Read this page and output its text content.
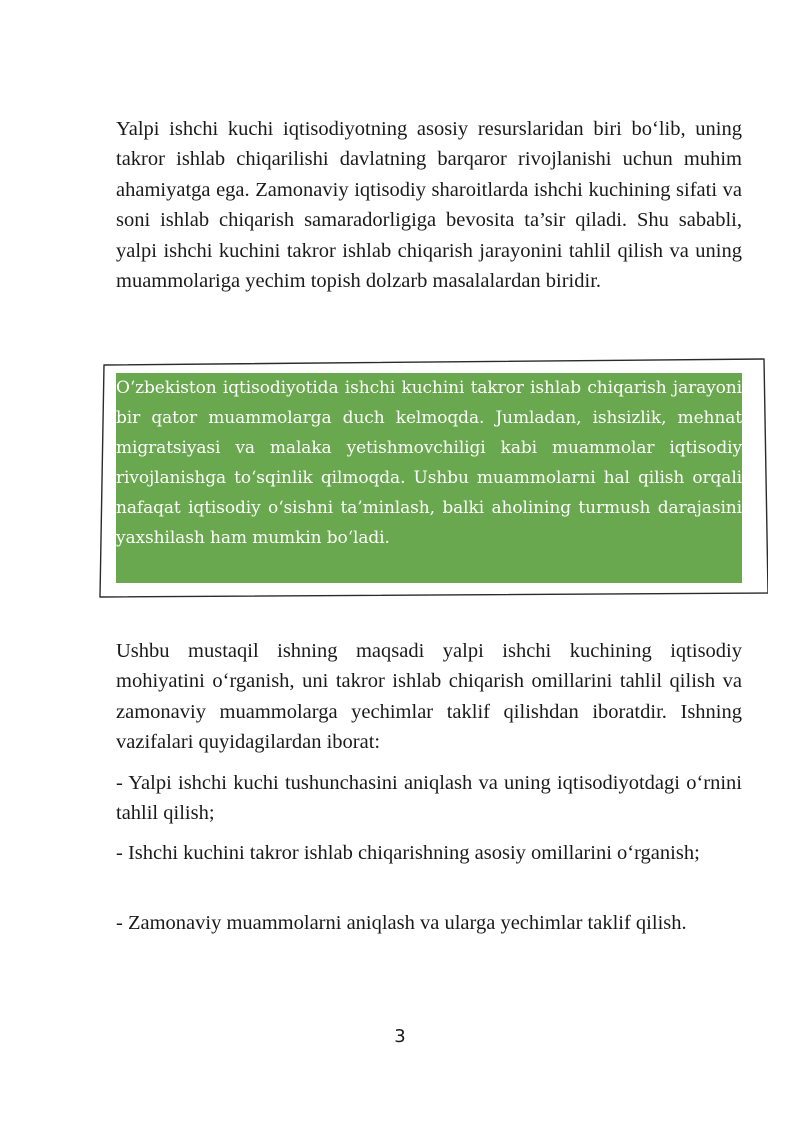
Yalpi ishchi kuchi iqtisodiyotning asosiy resurslaridan biri bo‘lib, uning takror ishlab chiqarilishi davlatning barqaror rivojlanishi uchun muhim ahamiyatga ega. Zamonaviy iqtisodiy sharoitlarda ishchi kuchining sifati va soni ishlab chiqarish samaradorligiga bevosita ta’sir qiladi. Shu sababli, yalpi ishchi kuchini takror ishlab chiqarish jarayonini tahlil qilish va uning muammolariga yechim topish dolzarb masalalardan biridir.

O‘zbekiston iqtisodiyotida ishchi kuchini takror ishlab chiqarish jarayoni bir qator muammolarga duch kelmoqda. Jumladan, ishsizlik, mehnat migratsiyasi va malaka yetishmovchiligi kabi muammolar iqtisodiy rivojlanishga to‘sqinlik qilmoqda. Ushbu muammolarni hal qilish orqali nafaqat iqtisodiy o‘sishni ta’minlash, balki aholining turmush darajasini yaxshilash ham mumkin bo‘ladi.

Ushbu mustaqil ishning maqsadi yalpi ishchi kuchining iqtisodiy mohiyatini o‘rganish, uni takror ishlab chiqarish omillarini tahlil qilish va zamonaviy muammolarga yechimlar taklif qilishdan iboratdir. Ishning vazifalari quyidagilardan iborat:

- Yalpi ishchi kuchi tushunchasini aniqlash va uning iqtisodiyotdagi o‘rnini tahlil qilish;

- Ishchi kuchini takror ishlab chiqarishning asosiy omillarini o‘rganish;

- Zamonaviy muammolarni aniqlash va ularga yechimlar taklif qilish.

3
